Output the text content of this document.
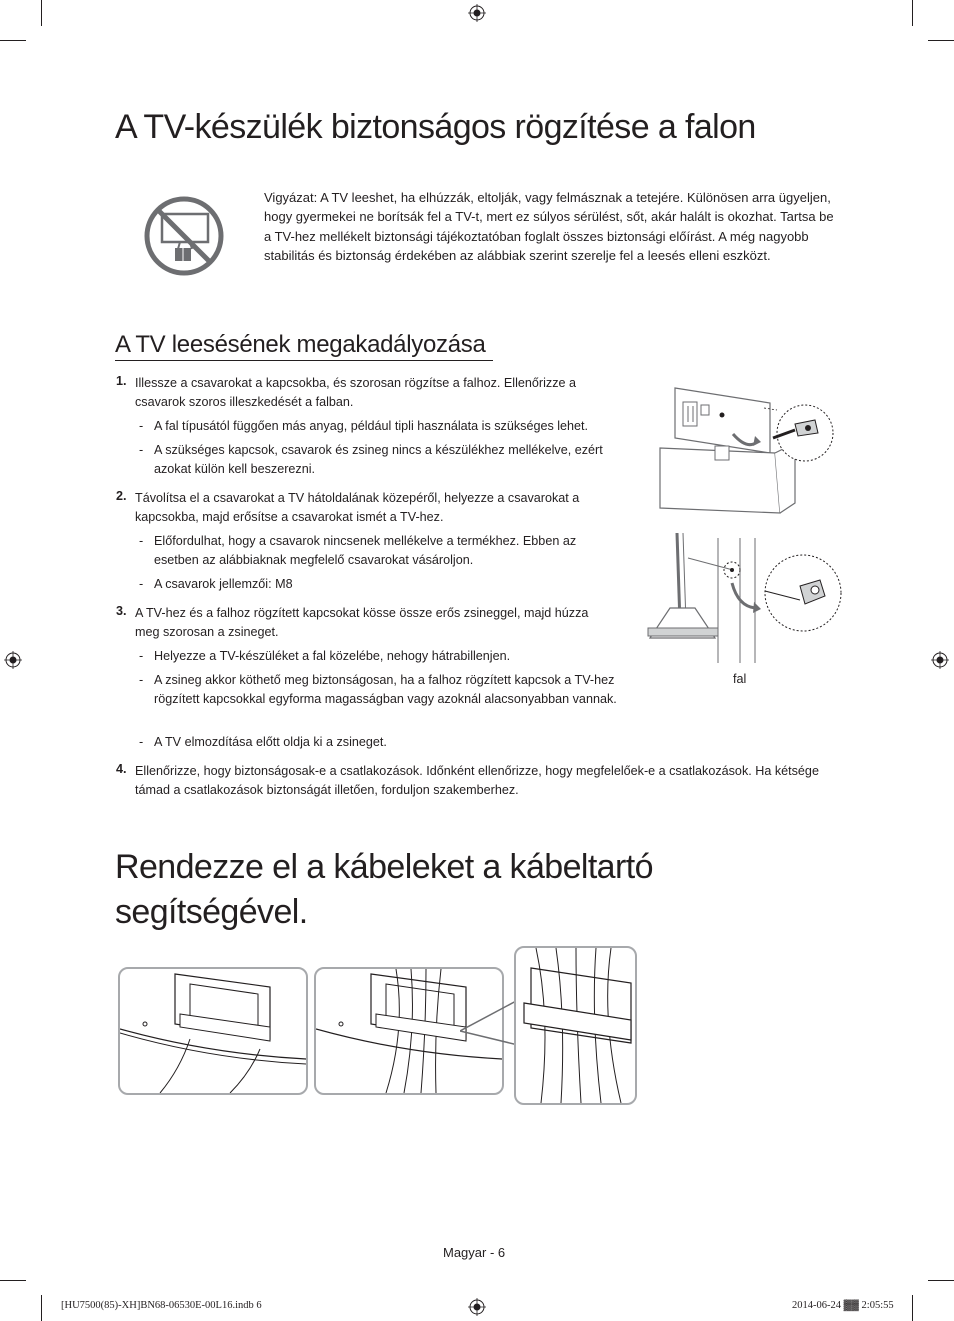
A TV-készülék biztonságos rögzítése a falon
Vigyázat: A TV leeshet, ha elhúzzák, eltolják, vagy felmásznak a tetejére. Különösen arra ügyeljen, hogy gyermekei ne borítsák fel a TV-t, mert ez súlyos sérülést, sőt, akár halált is okozhat. Tartsa be a TV-hez mellékelt biztonsági tájékoztatóban foglalt összes biztonsági előírást. A még nagyobb stabilitás és biztonság érdekében az alábbiak szerint szerelje fel a leesés elleni eszközt.
A TV leesésének megakadályozása
1. Illessze a csavarokat a kapcsokba, és szorosan rögzítse a falhoz. Ellenőrizze a csavarok szoros illeszkedését a falban.
- A fal típusától függően más anyag, például tipli használata is szükséges lehet.
- A szükséges kapcsok, csavarok és zsineg nincs a készülékhez mellékelve, ezért azokat külön kell beszerezni.
2. Távolítsa el a csavarokat a TV hátoldalának közepéről, helyezze a csavarokat a kapcsokba, majd erősítse a csavarokat ismét a TV-hez.
- Előfordulhat, hogy a csavarok nincsenek mellékelve a termékhez. Ebben az esetben az alábbiaknak megfelelő csavarokat vásároljon.
- A csavarok jellemzői: M8
3. A TV-hez és a falhoz rögzített kapcsokat kösse össze erős zsineggel, majd húzza meg szorosan a zsineget.
- Helyezze a TV-készüléket a fal közelébe, nehogy hátrabillenjen.
- A zsineg akkor köthető meg biztonságosan, ha a falhoz rögzített kapcsok a TV-hez rögzített kapcsokkal egyforma magasságban vagy azoknál alacsonyabban vannak.
- A TV elmozdítása előtt oldja ki a zsineget.
4. Ellenőrizze, hogy biztonságosak-e a csatlakozások. Időnként ellenőrizze, hogy megfelelőek-e a csatlakozások. Ha kétsége támad a csatlakozások biztonságát illetően, forduljon szakemberhez.
fal
Rendezze el a kábeleket a kábeltartó segítségével.
Magyar - 6
[HU7500(85)-XH]BN68-06530E-00L16.indb 6	2014-06-24 ▓▓ 2:05:55
